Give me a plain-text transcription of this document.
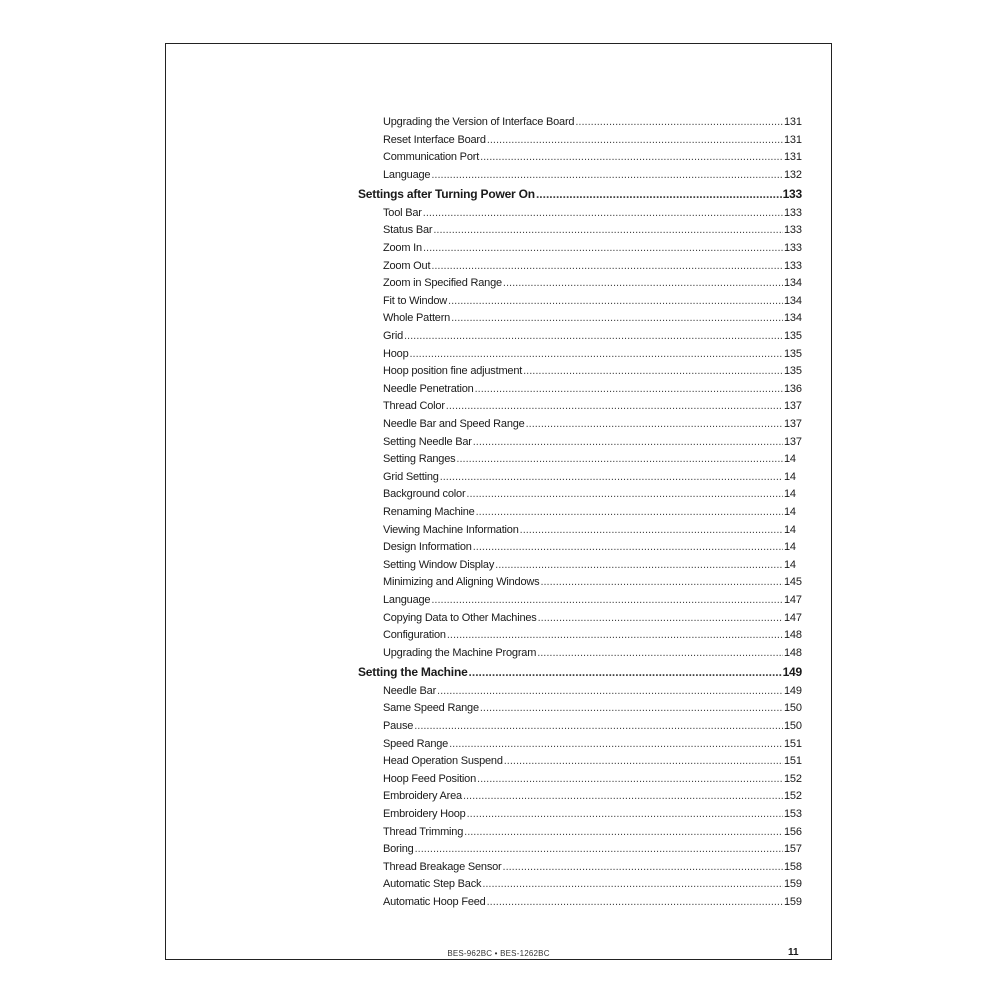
Upgrading the Version of Interface Board .....	131
Reset Interface Board .....	131
Communication Port .....	131
Language .....	132
Settings after Turning Power On .....	133
Tool Bar .....	133
Status Bar .....	133
Zoom In .....	133
Zoom Out .....	133
Zoom in Specified Range .....	134
Fit to Window .....	134
Whole Pattern .....	134
Grid .....	135
Hoop .....	135
Hoop position fine adjustment .....	135
Needle Penetration .....	136
Thread Color .....	137
Needle Bar and Speed Range .....	137
Setting Needle Bar .....	137
Setting Ranges .....	14
Grid Setting .....	14
Background color .....	14
Renaming Machine .....	14
Viewing Machine Information .....	14
Design Information .....	14
Setting Window Display .....	14
Minimizing and Aligning Windows .....	145
Language .....	147
Copying Data to Other Machines .....	147
Configuration .....	148
Upgrading the Machine Program .....	148
Setting the Machine .....	149
Needle Bar .....	149
Same Speed Range .....	150
Pause .....	150
Speed Range .....	151
Head Operation Suspend .....	151
Hoop Feed Position .....	152
Embroidery Area .....	152
Embroidery Hoop .....	153
Thread Trimming .....	156
Boring .....	157
Thread Breakage Sensor .....	158
Automatic Step Back .....	159
Automatic Hoop Feed .....	159
BES-962BC • BES-1262BC	11
